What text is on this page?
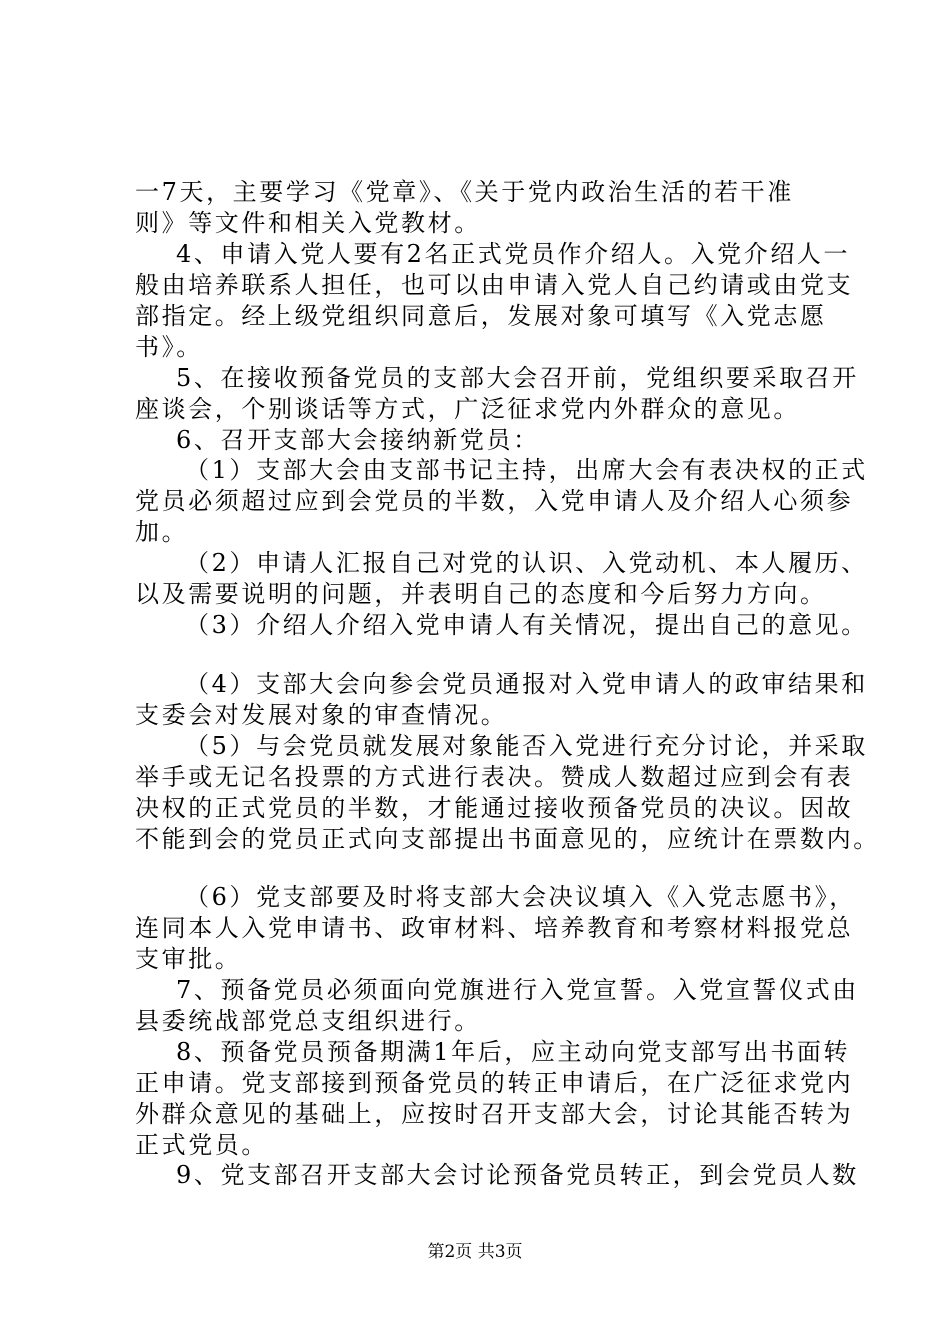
一7天，主要学习《党章》、《关于党内政治生活的若干准
则》等文件和相关入党教材。
4、申请入党人要有2名正式党员作介绍人。入党介绍人一
般由培养联系人担任，也可以由申请入党人自己约请或由党支
部指定。经上级党组织同意后，发展对象可填写《入党志愿
书》。
5、在接收预备党员的支部大会召开前，党组织要采取召开
座谈会，个别谈话等方式，广泛征求党内外群众的意见。
6、召开支部大会接纳新党员：
（1）支部大会由支部书记主持，出席大会有表决权的正式
党员必须超过应到会党员的半数，入党申请人及介绍人心须参
加。
（2）申请人汇报自己对党的认识、入党动机、本人履历、
以及需要说明的问题，并表明自己的态度和今后努力方向。
（3）介绍人介绍入党申请人有关情况，提出自己的意见。
（4）支部大会向参会党员通报对入党申请人的政审结果和
支委会对发展对象的审查情况。
（5）与会党员就发展对象能否入党进行充分讨论，并采取
举手或无记名投票的方式进行表决。赞成人数超过应到会有表
决权的正式党员的半数，才能通过接收预备党员的决议。因故
不能到会的党员正式向支部提出书面意见的，应统计在票数内。
（6）党支部要及时将支部大会决议填入《入党志愿书》，
连同本人入党申请书、政审材料、培养教育和考察材料报党总
支审批。
7、预备党员必须面向党旗进行入党宣誓。入党宣誓仪式由
县委统战部党总支组织进行。
8、预备党员预备期满1年后，应主动向党支部写出书面转
正申请。党支部接到预备党员的转正申请后，在广泛征求党内
外群众意见的基础上，应按时召开支部大会，讨论其能否转为
正式党员。
9、党支部召开支部大会讨论预备党员转正，到会党员人数
第2页 共3页
